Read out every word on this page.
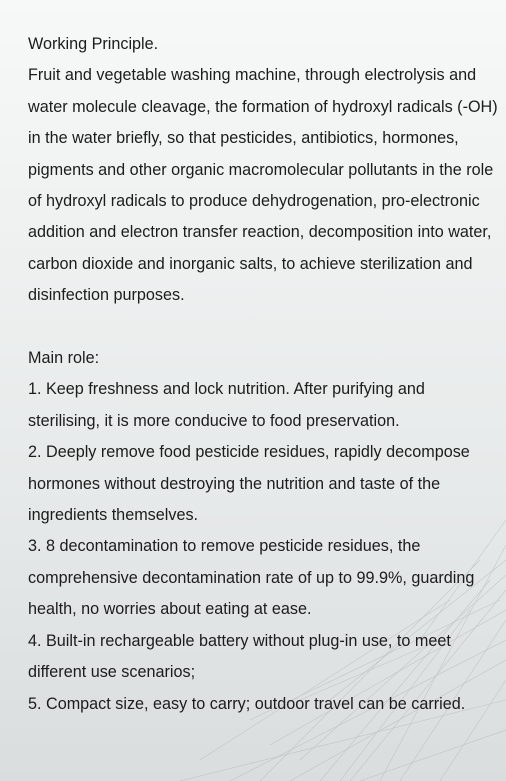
Working Principle.

Fruit and vegetable washing machine, through electrolysis and water molecule cleavage, the formation of hydroxyl radicals (-OH) in the water briefly, so that pesticides, antibiotics, hormones, pigments and other organic macromolecular pollutants in the role of hydroxyl radicals to produce dehydrogenation, pro-electronic addition and electron transfer reaction, decomposition into water, carbon dioxide and inorganic salts, to achieve sterilization and disinfection purposes.

Main role:

1. Keep freshness and lock nutrition. After purifying and sterilising, it is more conducive to food preservation.

2. Deeply remove food pesticide residues, rapidly decompose hormones without destroying the nutrition and taste of the ingredients themselves.

3. 8 decontamination to remove pesticide residues, the comprehensive decontamination rate of up to 99.9%, guarding health, no worries about eating at ease.

4. Built-in rechargeable battery without plug-in use, to meet different use scenarios;

5. Compact size, easy to carry; outdoor travel can be carried.
